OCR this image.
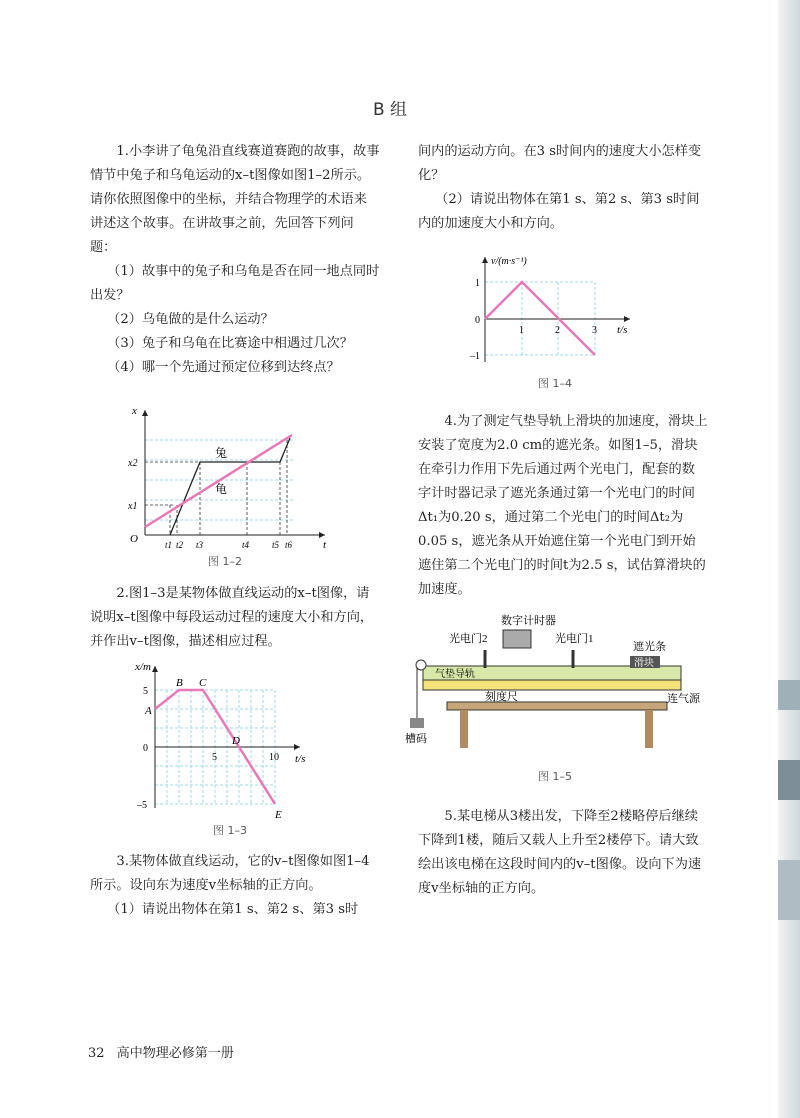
B 组

1.小李讲了龟兔沿直线赛道赛跑的故事，故事情节中兔子和乌龟运动的x–t图像如图1–2所示。请你依照图像中的坐标，并结合物理学的术语来讲述这个故事。在讲故事之前，先回答下列问题：

（1）故事中的兔子和乌龟是否在同一地点同时出发？

（2）乌龟做的是什么运动？

（3）兔子和乌龟在比赛途中相遇过几次？

（4）哪一个先通过预定位移到达终点？

兔
龟
x
t
O
x1
x2
t1 t2 t3	t4	t5 t6
图 1–2

2.图1–3是某物体做直线运动的x–t图像，请说明x–t图像中每段运动过程的速度大小和方向，并作出v–t图像，描述相应过程。

x/m
t/s
5
0
–5
5	10
A
B C
D
E
图 1–3

3.某物体做直线运动，它的v–t图像如图1–4所示。设向东为速度v坐标轴的正方向。

（1）请说出物体在第1 s、第2 s、第3 s时

间内的运动方向。在3 s时间内的速度大小怎样变化？

（2）请说出物体在第1 s、第2 s、第3 s时间内的加速度大小和方向。

v/(m·s⁻¹)
t/s
1
0
–1
1	2	3
图 1–4

4.为了测定气垫导轨上滑块的加速度，滑块上安装了宽度为2.0 cm的遮光条。如图1–5，滑块在牵引力作用下先后通过两个光电门，配套的数字计时器记录了遮光条通过第一个光电门的时间Δt₁为0.20 s，通过第二个光电门的时间Δt₂为0.05 s，遮光条从开始遮住第一个光电门到开始遮住第二个光电门的时间t为2.5 s，试估算滑块的加速度。

数字计时器
光电门2	光电门1
遮光条
滑块
气垫导轨
刻度尺	连气源
槽码
图 1–5

5.某电梯从3楼出发，下降至2楼略停后继续下降到1楼，随后又载人上升至2楼停下。请大致绘出该电梯在这段时间内的v–t图像。设向下为速度v坐标轴的正方向。

32 高中物理必修第一册
